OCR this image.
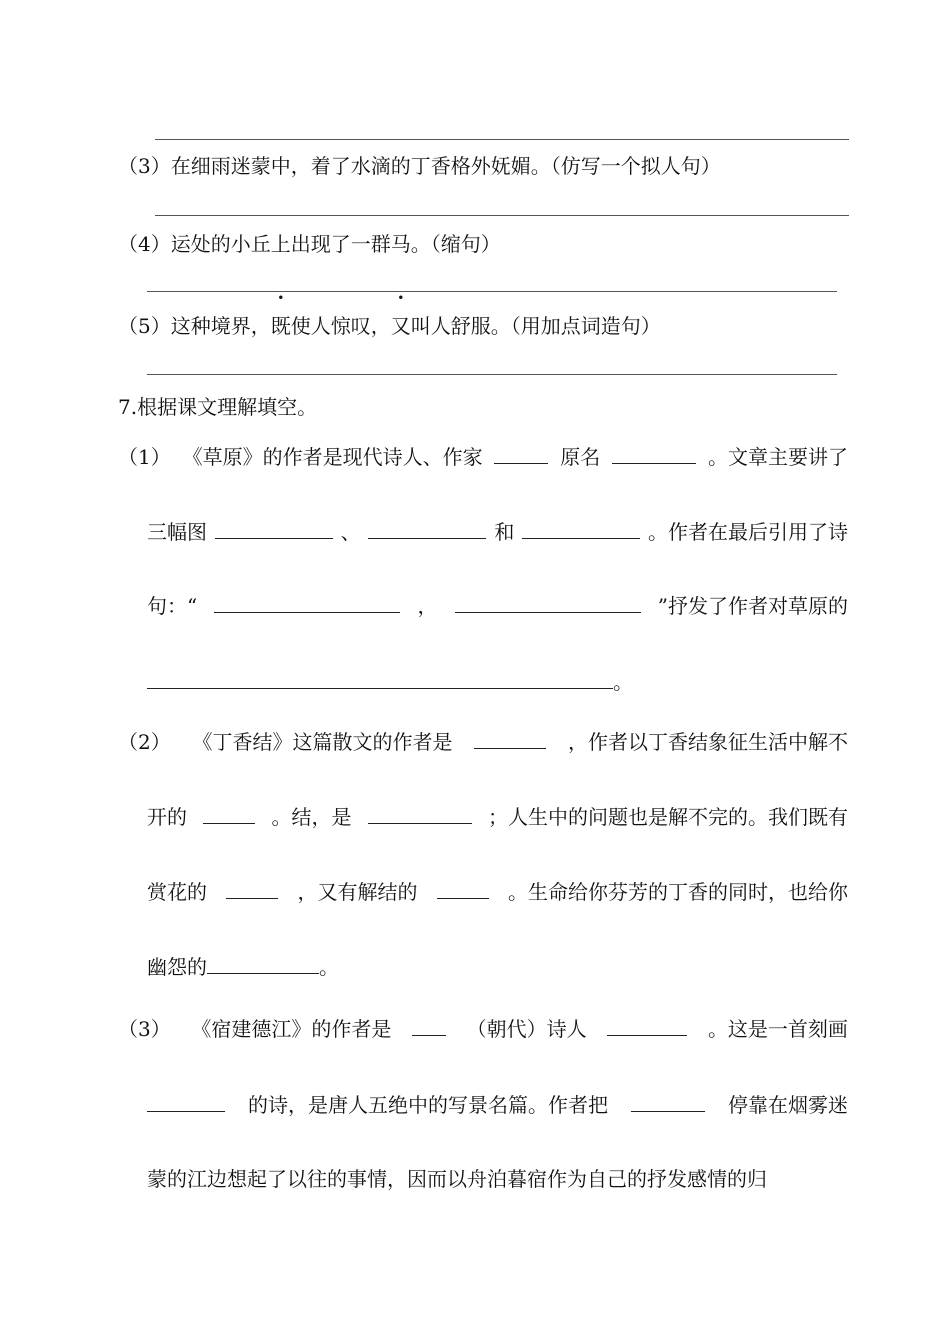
（3）在细雨迷蒙中，着了水滴的丁香格外妩媚。（仿写一个拟人句）
（4）运处的小丘上出现了一群马。（缩句）
（5）这种境界，既使人惊叹，又叫人舒服。（用加点词造句）
7.根据课文理解填空。
（1） 《草原》的作者是现代诗人、作家	原名	。文章主要讲了
三幅图	、	和	。作者在最后引用了诗
句：“	，	”抒发了作者对草原的
。
（2） 《丁香结》这篇散文的作者是	，作者以丁香结象征生活中解不
开的	。结，是	；人生中的问题也是解不完的。我们既有
赏花的	，又有解结的	。生命给你芬芳的丁香的同时，也给你
幽怨的	。
（3） 《宿建德江》的作者是	（朝代）诗人	。这是一首刻画
的诗，是唐人五绝中的写景名篇。作者把	停靠在烟雾迷
蒙的江边想起了以往的事情，因而以舟泊暮宿作为自己的抒发感情的归
